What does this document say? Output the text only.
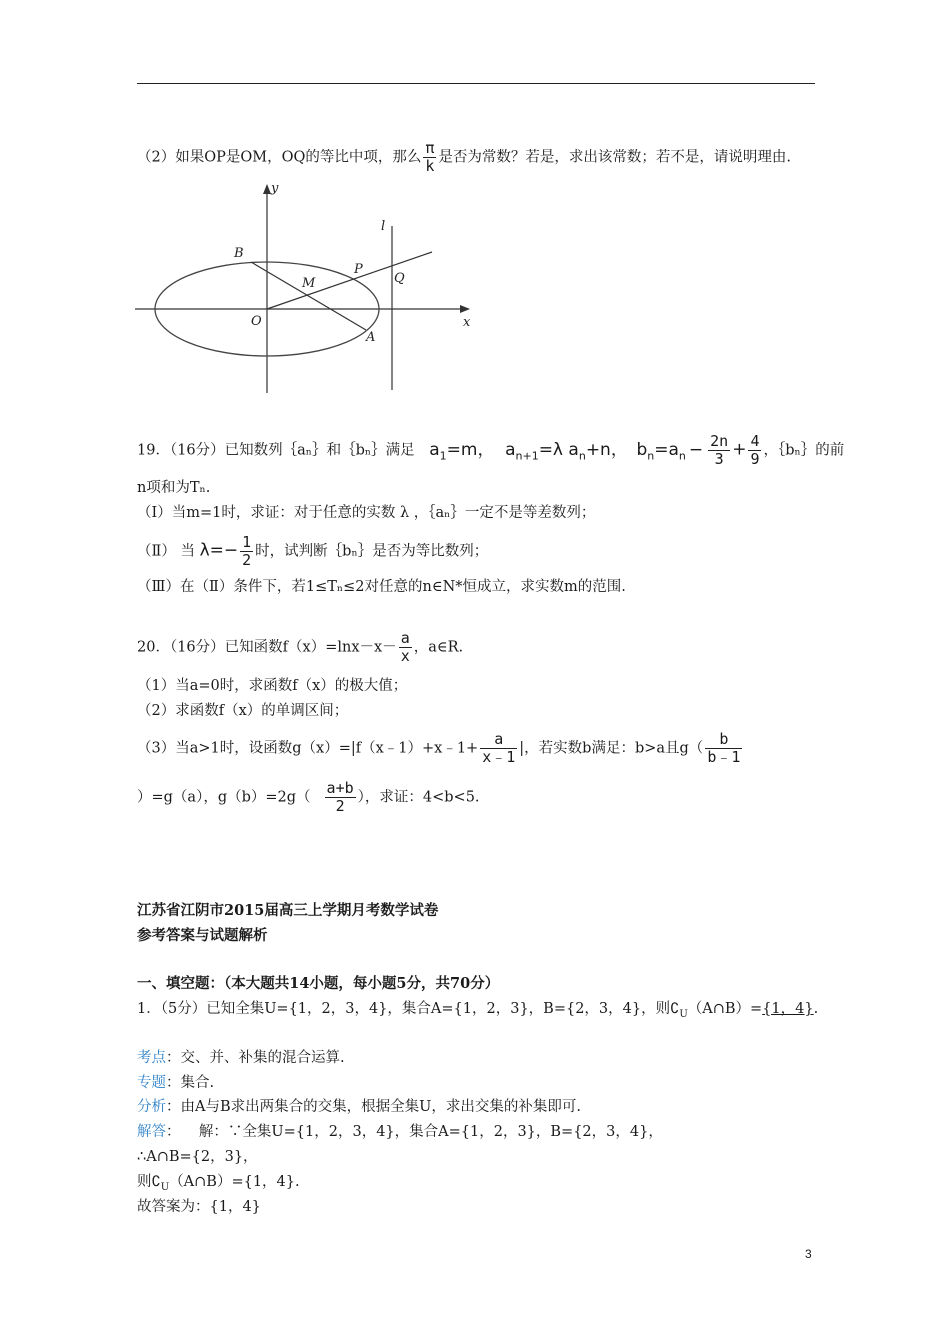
（2）如果OP是OM，OQ的等比中项，那么 $\frac{\pi}{k}$ 是否为常数？若是，求出该常数；若不是，请说明理由.
y
x
l
B
P
M	Q
O
A
19．（16分）已知数列｛aₙ｝和｛bₙ｝满足 $a_1=m$， $a_{n+1}=\lambda$ $a_n+n$， $b_n=a_n - \frac{2n}{3} + \frac{4}{9}$ ，｛bₙ｝的前
n项和为Tₙ.
（Ⅰ）当m=1时，求证：对于任意的实数 λ ，｛aₙ｝一定不是等差数列；
（Ⅱ） 当 $\lambda=- \frac{1}{2}$ 时，试判断｛bₙ｝是否为等比数列；
（Ⅲ）在（Ⅱ）条件下，若1≤Tₙ≤2对任意的n∈N*恒成立，求实数m的范围.
20．（16分）已知函数$f(x)=\ln x-x- \frac{a}{x}$ ，a∈R.
（1）当a=0时，求函数f（x）的极大值；
（2）求函数f（x）的单调区间；
（3）当a>1时，设函数g（x）=|f（x﹣1）+x﹣1+ $\frac{a}{x﹣1}$ |，若实数b满足：b>a且$g( \frac{b}{b﹣1}$
）=g（a），$g(b)=2g( \frac{a+b}{2}$ ），求证：4<b<5.
江苏省江阴市2015届高三上学期月考数学试卷
参考答案与试题解析
一、填空题：（本大题共14小题，每小题5分，共70分）
1．（5分）已知全集U={1，2，3，4}，集合A={1，2，3}，B={2，3，4}，则$∁_U(A\cap B)=\{1$，4}.
考点：交、并、补集的混合运算.
专题：集合.
分析：由A与B求出两集合的交集，根据全集U，求出交集的补集即可.
解答：    解：∵全集U={1，2，3，4}，集合A={1，2，3}，B={2，3，4}，
∴A∩B={2，3}，
则$∁_U(A\cap B)=\{1$，4}.
故答案为：{1，4}
3
